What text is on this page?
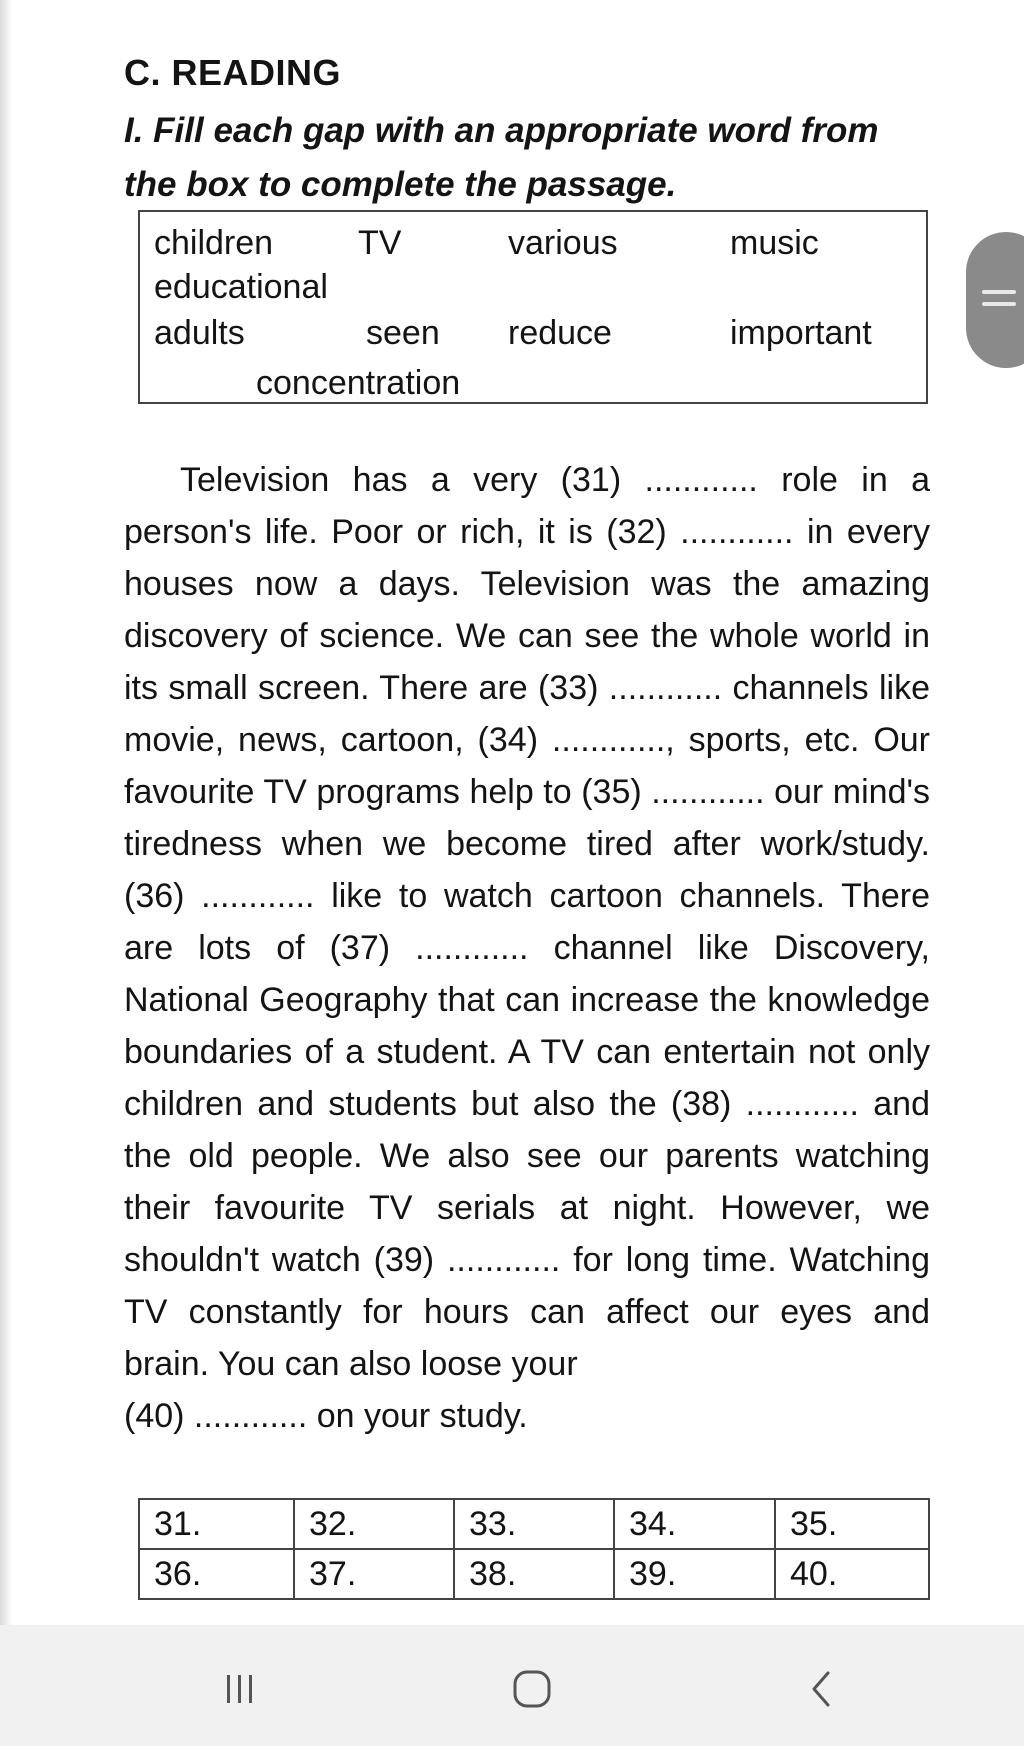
C. READING
I. Fill each gap with an appropriate word from the box to complete the passage.
children TV	various	music
educational
adults	seen reduce	important
concentration

Television has a very (31) ............ role in a person's life. Poor or rich, it is (32) ............ in every houses now a days. Television was the amazing discovery of science. We can see the whole world in its small screen. There are (33) ............ channels like movie, news, cartoon, (34) ............, sports, etc. Our favourite TV programs help to (35) ............ our mind's tiredness when we become tired after work/study. (36) ............ like to watch cartoon channels. There are lots of (37) ............ channel like Discovery, National Geography that can increase the knowledge boundaries of a student. A TV can entertain not only children and students but also the (38) ............ and the old people. We also see our parents watching their favourite TV serials at night. However, we shouldn't watch (39) ............ for long time. Watching TV constantly for hours can affect our eyes and brain. You can also loose your

(40) ............ on your study.
31.	32.	33.	34.	35.
36.	37.	38.	39.	40.
